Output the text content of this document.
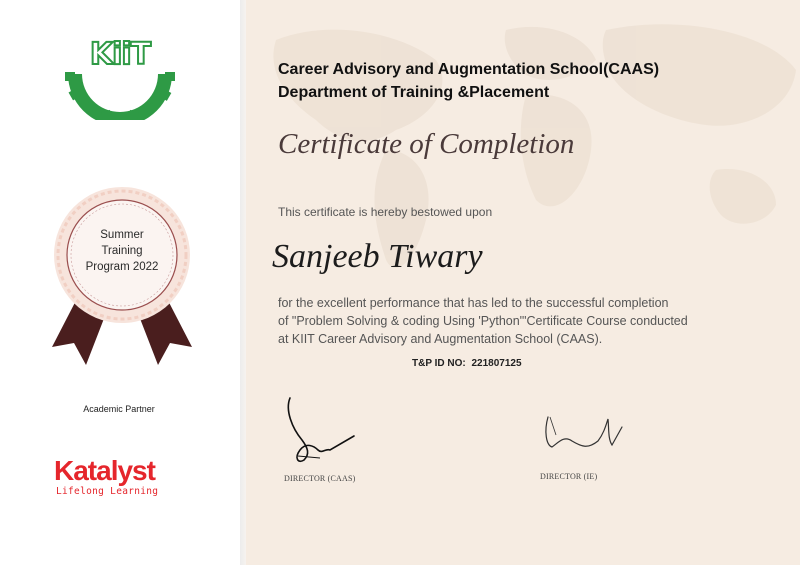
KiiT
Summer
Training
Program 2022
Academic Partner
Katalyst
Lifelong Learning
Career Advisory and Augmentation School(CAAS)
Department of Training &Placement
Certificate of Completion
This certificate is hereby bestowed upon
Sanjeeb Tiwary
for the excellent performance that has led to the successful completion
of "Problem Solving & coding Using 'Python'"Certificate Course conducted
at KIIT Career Advisory and Augmentation School (CAAS).
T&P ID NO: 221807125
DIRECTOR (CAAS)	DIRECTOR (IE)
